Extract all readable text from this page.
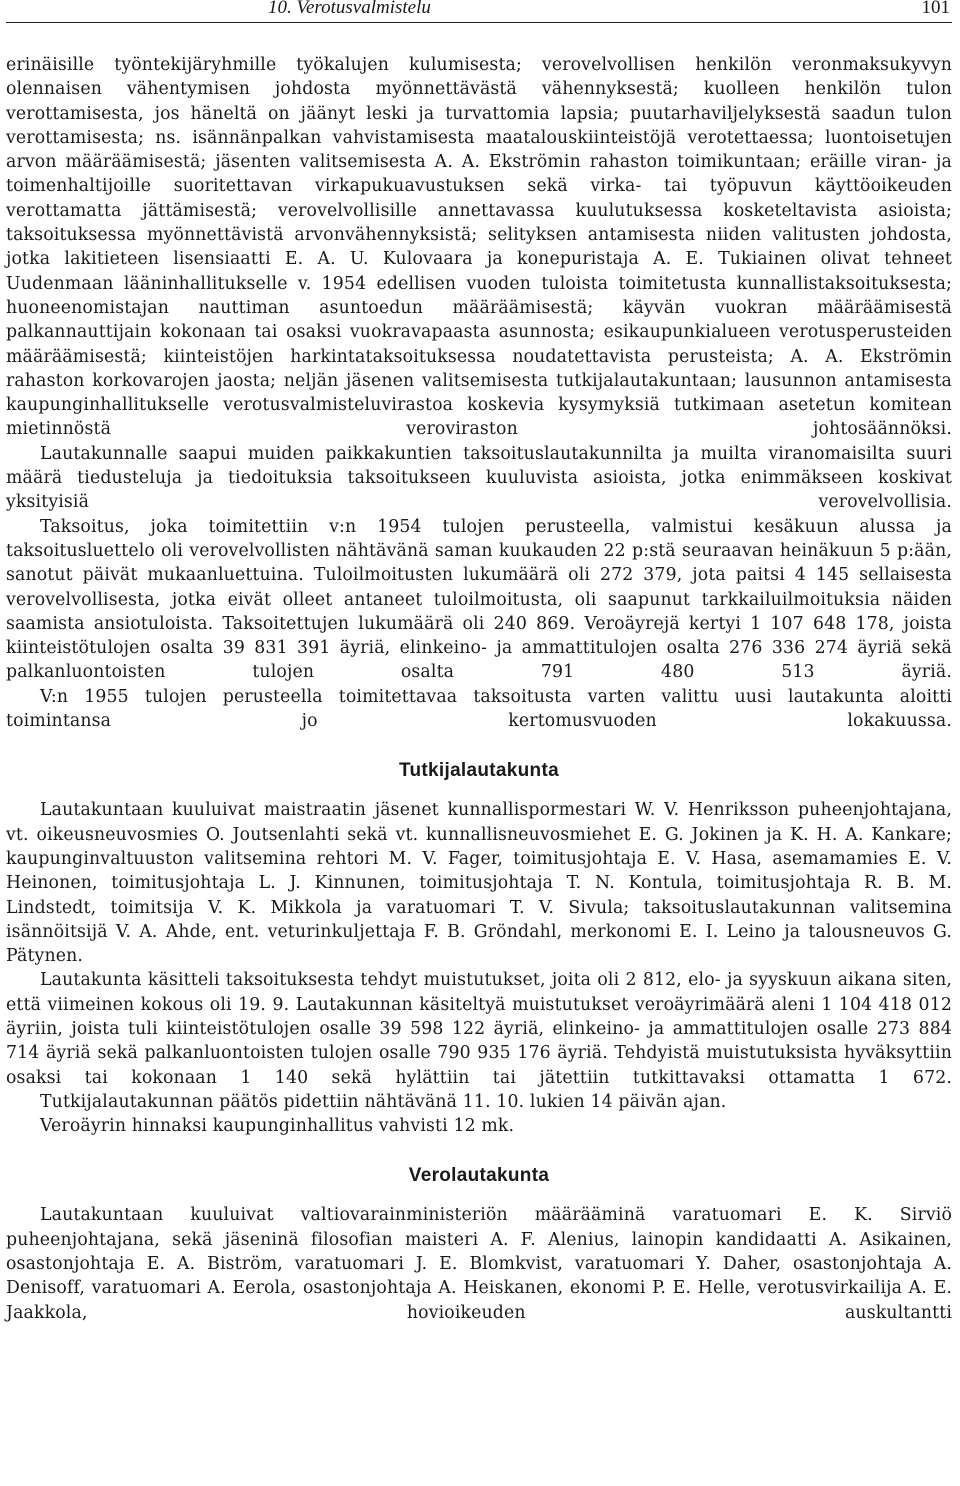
10. Verotusvalmistelu	101

erinäisille työntekijäryhmille työkalujen kulumisesta; verovelvollisen henkilön veronmaksukyvyn olennaisen vähentymisen johdosta myönnettävästä vähennyksestä; kuolleen henkilön tulon verottamisesta, jos häneltä on jäänyt leski ja turvattomia lapsia; puutarhaviljelyksestä saadun tulon verottamisesta; ns. isännänpalkan vahvistamisesta maatalouskiinteistöjä verotettaessa; luontoisetujen arvon määräämisestä; jäsenten valitsemisesta A. A. Ekströmin rahaston toimikuntaan; eräille viran- ja toimenhaltijoille suoritettavan virkapukuavustuksen sekä virka- tai työpuvun käyttöoikeuden verottamatta jättämisestä; verovelvollisille annettavassa kuulutuksessa kosketeltavista asioista; taksoituksessa myönnettävistä arvonvähennyksistä; selityksen antamisesta niiden valitusten johdosta, jotka lakitieteen lisensiaatti E. A. U. Kulovaara ja konepuristaja A. E. Tukiainen olivat tehneet Uudenmaan lääninhallitukselle v. 1954 edellisen vuoden tuloista toimitetusta kunnallistaksoituksesta; huoneenomistajan nauttiman asuntoedun määräämisestä; käyvän vuokran määräämisestä palkannauttijain kokonaan tai osaksi vuokravapaasta asunnosta; esikaupunkialueen verotusperusteiden määräämisestä; kiinteistöjen harkintataksoituksessa noudatettavista perusteista; A. A. Ekströmin rahaston korkovarojen jaosta; neljän jäsenen valitsemisesta tutkijalautakuntaan; lausunnon antamisesta kaupunginhallitukselle verotusvalmisteluvirastoa koskevia kysymyksiä tutkimaan asetetun komitean mietinnöstä veroviraston johtosäännöksi.

Lautakunnalle saapui muiden paikkakuntien taksoituslautakunnilta ja muilta viranomaisilta suuri määrä tiedusteluja ja tiedoituksia taksoitukseen kuuluvista asioista, jotka enimmäkseen koskivat yksityisiä verovelvollisia.

Taksoitus, joka toimitettiin v:n 1954 tulojen perusteella, valmistui kesäkuun alussa ja taksoitusluettelo oli verovelvollisten nähtävänä saman kuukauden 22 p:stä seuraavan heinäkuun 5 p:ään, sanotut päivät mukaanluettuina. Tuloilmoitusten lukumäärä oli 272 379, jota paitsi 4 145 sellaisesta verovelvollisesta, jotka eivät olleet antaneet tuloilmoitusta, oli saapunut tarkkailuilmoituksia näiden saamista ansiotuloista. Taksoitettujen lukumäärä oli 240 869. Veroäyrejä kertyi 1 107 648 178, joista kiinteistötulojen osalta 39 831 391 äyriä, elinkeino- ja ammattitulojen osalta 276 336 274 äyriä sekä palkanluontoisten tulojen osalta 791 480 513 äyriä.

V:n 1955 tulojen perusteella toimitettavaa taksoitusta varten valittu uusi lautakunta aloitti toimintansa jo kertomusvuoden lokakuussa.

Tutkijalautakunta

Lautakuntaan kuuluivat maistraatin jäsenet kunnallispormestari W. V. Henriksson puheenjohtajana, vt. oikeusneuvosmies O. Joutsenlahti sekä vt. kunnallisneuvosmiehet E. G. Jokinen ja K. H. A. Kankare; kaupunginvaltuuston valitsemina rehtori M. V. Fager, toimitusjohtaja E. V. Hasa, asemamamies E. V. Heinonen, toimitusjohtaja L. J. Kinnunen, toimitusjohtaja T. N. Kontula, toimitusjohtaja R. B. M. Lindstedt, toimitsija V. K. Mikkola ja varatuomari T. V. Sivula; taksoituslautakunnan valitsemina isännöitsijä V. A. Ahde, ent. veturinkuljettaja F. B. Gröndahl, merkonomi E. I. Leino ja talousneuvos G. Pätynen.

Lautakunta käsitteli taksoituksesta tehdyt muistutukset, joita oli 2 812, elo- ja syyskuun aikana siten, että viimeinen kokous oli 19. 9. Lautakunnan käsiteltyä muistutukset veroäyrimäärä aleni 1 104 418 012 äyriin, joista tuli kiinteistötulojen osalle 39 598 122 äyriä, elinkeino- ja ammattitulojen osalle 273 884 714 äyriä sekä palkanluontoisten tulojen osalle 790 935 176 äyriä. Tehdyistä muistutuksista hyväksyttiin osaksi tai kokonaan 1 140 sekä hylättiin tai jätettiin tutkittavaksi ottamatta 1 672.

Tutkijalautakunnan päätös pidettiin nähtävänä 11. 10. lukien 14 päivän ajan.

Veroäyrin hinnaksi kaupunginhallitus vahvisti 12 mk.

Verolautakunta

Lautakuntaan kuuluivat valtiovarainministeriön määrääminä varatuomari E. K. Sirviö puheenjohtajana, sekä jäseninä filosofian maisteri A. F. Alenius, lainopin kandidaatti A. Asikainen, osastonjohtaja E. A. Biström, varatuomari J. E. Blomkvist, varatuomari Y. Daher, osastonjohtaja A. Denisoff, varatuomari A. Eerola, osastonjohtaja A. Heiskanen, ekonomi P. E. Helle, verotusvirkailija A. E. Jaakkola, hovioikeuden auskultantti
